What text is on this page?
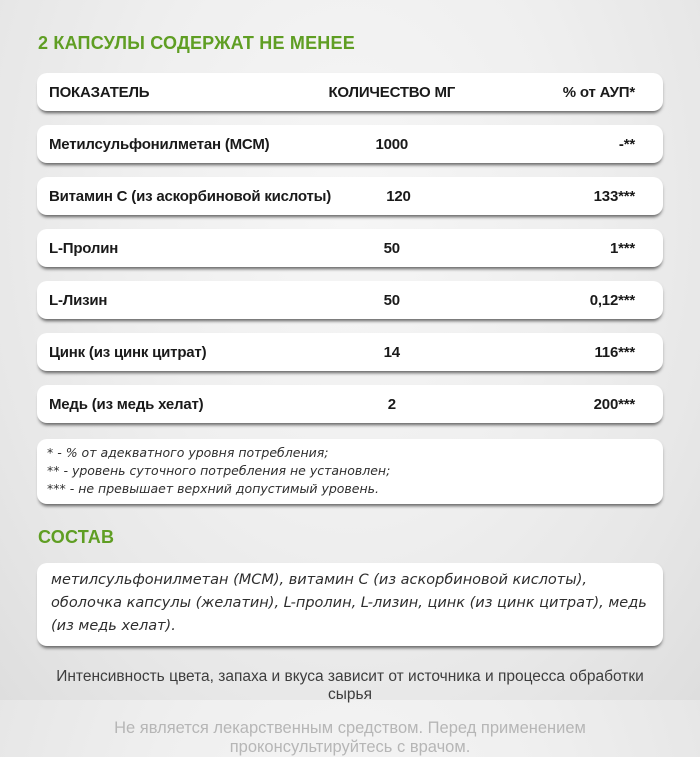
2 КАПСУЛЫ СОДЕРЖАТ НЕ МЕНЕЕ
ПОКАЗАТЕЛЬ	КОЛИЧЕСТВО МГ	% от АУП*
Метилсульфонилметан (МСМ)	1000	-**
Витамин С (из аскорбиновой кислоты)	120	133***
L-Пролин	50	1***
L-Лизин	50	0,12***
Цинк (из цинк цитрат)	14	116***
Медь (из медь хелат)	2	200***
* - % от адекватного уровня потребления;
** - уровень суточного потребления не установлен;
*** - не превышает верхний допустимый уровень.
СОСТАВ
метилсульфонилметан (МСМ), витамин С (из аскорбиновой кислоты), оболочка капсулы (желатин), L-пролин, L-лизин, цинк (из цинк цитрат), медь (из медь хелат).

Интенсивность цвета, запаха и вкуса зависит от источника и процесса обработки сырья

Не является лекарственным средством. Перед применением проконсультируйтесь с врачом.
